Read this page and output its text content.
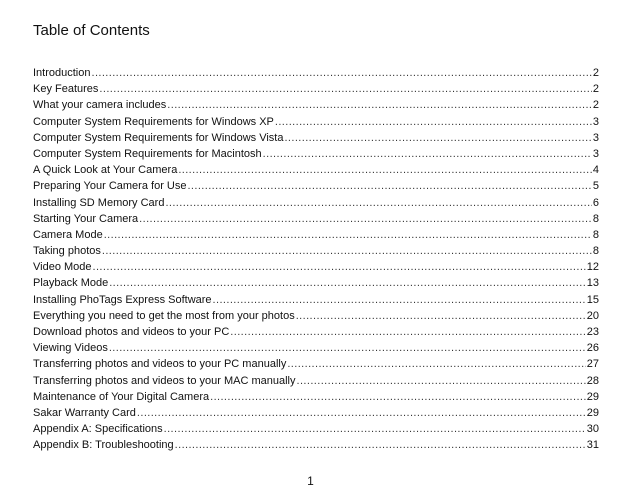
Table of Contents
Introduction .....	2
Key Features .....	2
What your camera includes .....	2
Computer System Requirements for Windows XP .....	3
Computer System Requirements for Windows Vista .....	3
Computer System Requirements for Macintosh .....	3
A Quick Look at Your Camera .....	4
Preparing Your Camera for Use .....	5
Installing SD Memory Card .....	6
Starting Your Camera .....	8
Camera Mode .....	8
Taking photos .....	8
Video Mode .....	12
Playback Mode .....	13
Installing PhoTags Express Software .....	15
Everything you need to get the most from your photos .....	20
Download photos and videos to your PC .....	23
Viewing Videos .....	26
Transferring photos and videos to your PC manually .....	27
Transferring photos and videos to your MAC manually .....	28
Maintenance of Your Digital Camera .....	29
Sakar Warranty Card .....	29
Appendix A: Specifications .....	30
Appendix B: Troubleshooting .....	31
1
